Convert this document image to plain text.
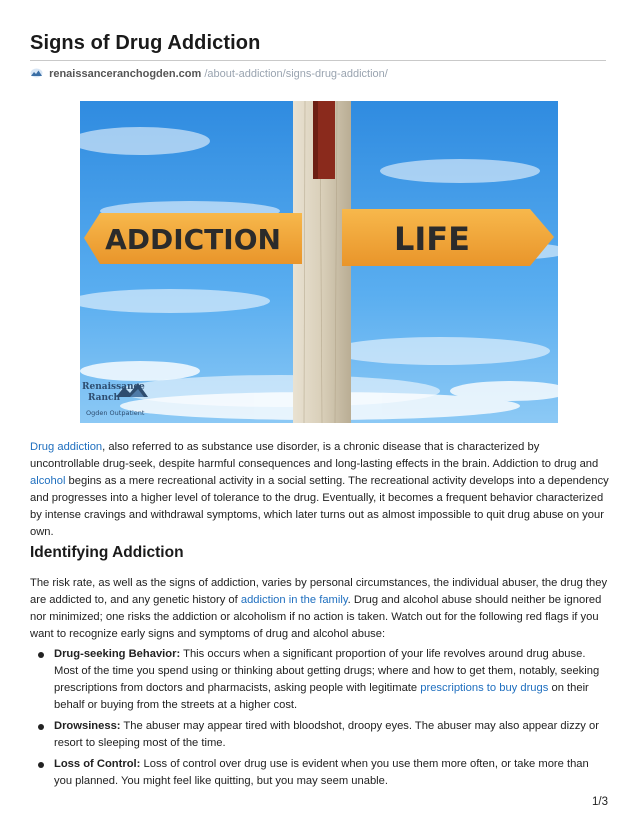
Signs of Drug Addiction
renaissanceranchogden.com /about-addiction/signs-drug-addiction/
ADDICTION	LIFE
Renaissance
Ranch
Ogden Outpatient

Drug addiction, also referred to as substance use disorder, is a chronic disease that is characterized by uncontrollable drug-seek, despite harmful consequences and long-lasting effects in the brain. Addiction to drug and alcohol begins as a mere recreational activity in a social setting. The recreational activity develops into a dependency and progresses into a higher level of tolerance to the drug. Eventually, it becomes a frequent behavior characterized by intense cravings and withdrawal symptoms, which later turns out as almost impossible to quit drug abuse on your own.

Identifying Addiction

The risk rate, as well as the signs of addiction, varies by personal circumstances, the individual abuser, the drug they are addicted to, and any genetic history of addiction in the family. Drug and alcohol abuse should neither be ignored nor minimized; one risks the addiction or alcoholism if no action is taken. Watch out for the following red flags if you want to recognize early signs and symptoms of drug and alcohol abuse:

Drug-seeking Behavior: This occurs when a significant proportion of your life revolves around drug abuse. Most of the time you spend using or thinking about getting drugs; where and how to get them, notably, seeking prescriptions from doctors and pharmacists, asking people with legitimate prescriptions to buy drugs on their behalf or buying from the streets at a higher cost.
Drowsiness: The abuser may appear tired with bloodshot, droopy eyes. The abuser may also appear dizzy or resort to sleeping most of the time.
Loss of Control: Loss of control over drug use is evident when you use them more often, or take more than you planned. You might feel like quitting, but you may seem unable.
1/3
